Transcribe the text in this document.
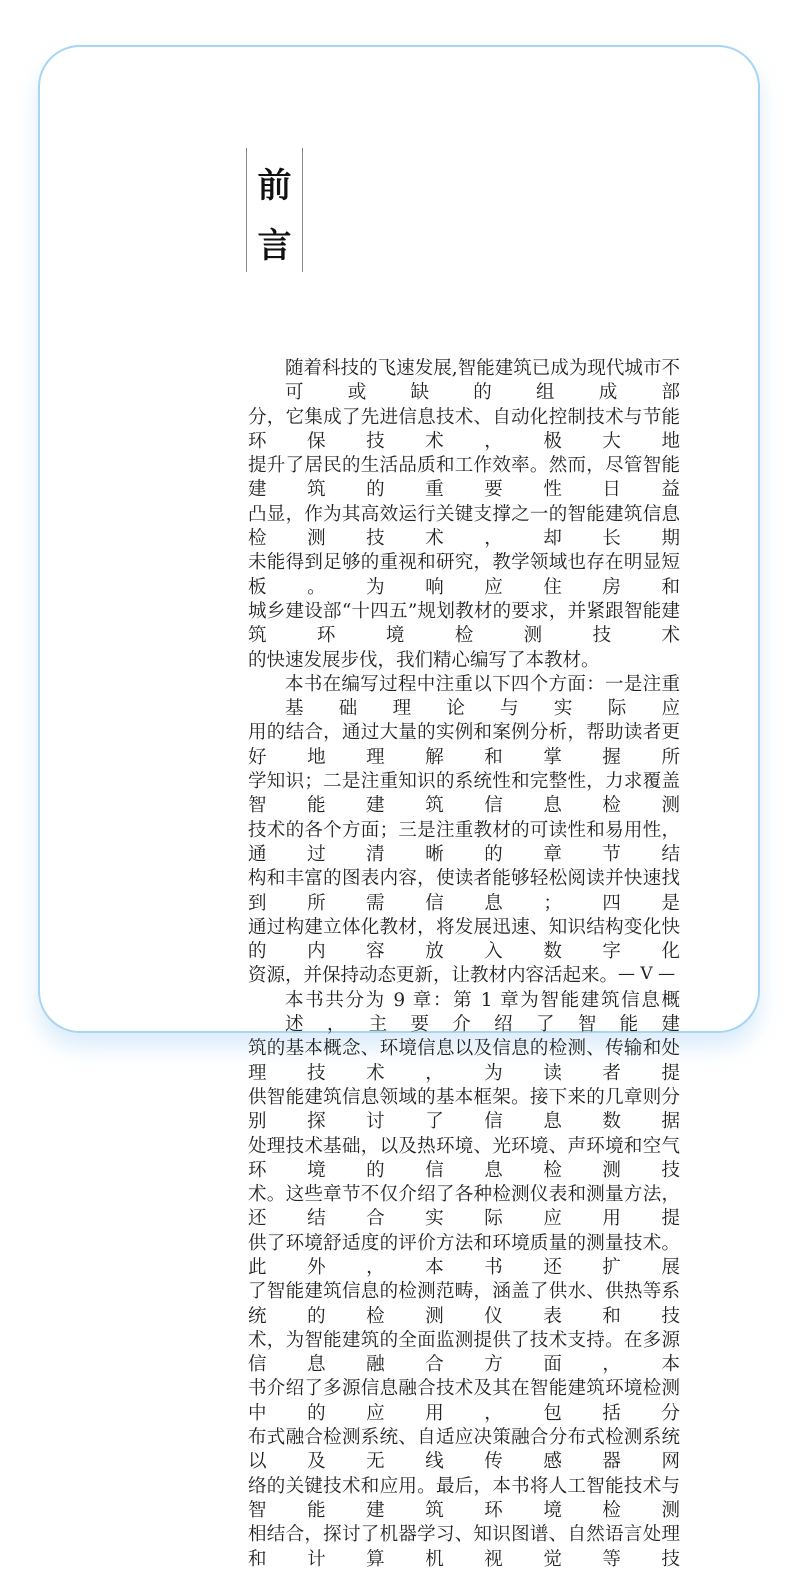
前
言
随着科技的飞速发展,智能建筑已成为现代城市不可或缺的组成部
分，它集成了先进信息技术、自动化控制技术与节能环保技术，极大地
提升了居民的生活品质和工作效率。然而，尽管智能建筑的重要性日益
凸显，作为其高效运行关键支撑之一的智能建筑信息检测技术，却长期
未能得到足够的重视和研究，教学领域也存在明显短板。为响应住房和
城乡建设部“十四五”规划教材的要求，并紧跟智能建筑环境检测技术
的快速发展步伐，我们精心编写了本教材。
本书在编写过程中注重以下四个方面：一是注重基础理论与实际应
用的结合，通过大量的实例和案例分析，帮助读者更好地理解和掌握所
学知识；二是注重知识的系统性和完整性，力求覆盖智能建筑信息检测
技术的各个方面；三是注重教材的可读性和易用性，通过清晰的章节结
构和丰富的图表内容，使读者能够轻松阅读并快速找到所需信息；四是
通过构建立体化教材，将发展迅速、知识结构变化快的内容放入数字化
资源，并保持动态更新，让教材内容活起来。
本书共分为 9 章：第 1 章为智能建筑信息概述，主要介绍了智能建
筑的基本概念、环境信息以及信息的检测、传输和处理技术，为读者提
供智能建筑信息领域的基本框架。接下来的几章则分别探讨了信息数据
处理技术基础，以及热环境、光环境、声环境和空气环境的信息检测技
术。这些章节不仅介绍了各种检测仪表和测量方法，还结合实际应用提
供了环境舒适度的评价方法和环境质量的测量技术。此外，本书还扩展
了智能建筑信息的检测范畴，涵盖了供水、供热等系统的检测仪表和技
术，为智能建筑的全面监测提供了技术支持。在多源信息融合方面，本
书介绍了多源信息融合技术及其在智能建筑环境检测中的应用，包括分
布式融合检测系统、自适应决策融合分布式检测系统以及无线传感器网
络的关键技术和应用。最后，本书将人工智能技术与智能建筑环境检测
相结合，探讨了机器学习、知识图谱、自然语言处理和计算机视觉等技
— V —
